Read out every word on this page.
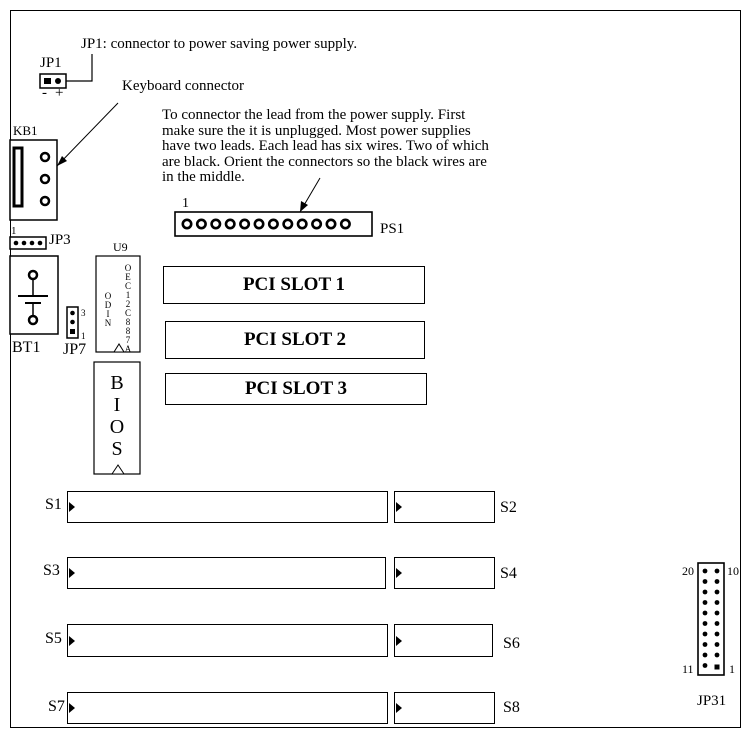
JP1
JP1: connector to power saving power supply.
- +	Keyboard connector
KB1
1
JP3
BT1
3
1
JP7
U9
O
D
I
N
O
E
C
1
2
C
8
8
7
A
B
I
O
S
1
PS1
To connector the lead from the power supply. First
make sure the it is unplugged. Most power supplies
have two leads. Each lead has six wires. Two of which
are black. Orient the connectors so the black wires are
in the middle.
PCI SLOT 1
PCI SLOT 2
PCI SLOT 3
S1	S2
S3	S4
S5	S6
S7	S8
20	10
11	1
JP31
